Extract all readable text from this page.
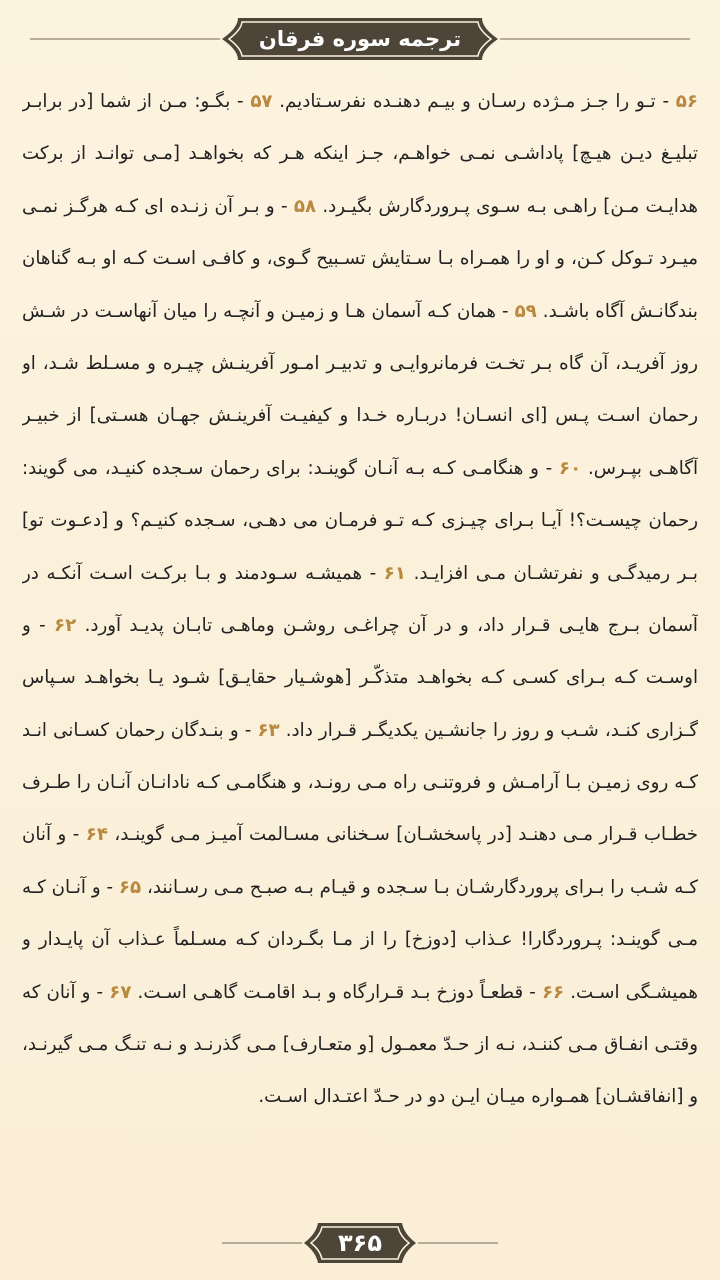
ترجمه سوره فرقان
۵۶ - تـو را جـز مـژده رسـان و بیـم دهنـده نفرسـتادیم. ۵۷ - بگـو: مـن از شما [در برابـر
تبلیـغ دیـن هیـچ] پاداشـی نمـی خواهـم، جـز اینکه هـر که بخواهـد [مـی توانـد از برکت
هدایـت مـن] راهـی بـه سـوی پـروردگارش بگیـرد. ۵۸ - و بـر آن زنـده ای کـه هرگـز نمـی
میـرد تـوکل کـن، و او را همـراه بـا سـتایش تسـبیح گـوی، و کافـی اسـت کـه او بـه گناهان
بندگانـش آگاه باشـد. ۵۹ - همان کـه آسمان هـا و زمیـن و آنچـه را میان آنهاسـت در شـش
روز آفریـد، آن گاه بـر تخـت فرمانروایـی و تدبیـر امـور آفرینـش چیـره و مسـلط شـد، او
رحمان اسـت پـس [ای انسـان! دربـاره خـدا و کیفیـت آفرینـش جهـان هسـتی] از خبیـر
آگاهـی بپـرس. ۶۰ - و هنگامـی کـه بـه آنـان گوینـد: برای رحمان سـجده کنیـد، می گویند:
رحمان چیسـت؟! آیـا بـرای چیـزی کـه تـو فرمـان می دهـی، سـجده کنیـم؟ و [دعـوت تو]
بـر رمیدگـی و نفرتشـان مـی افزایـد. ۶۱ - همیشـه سـودمند و بـا برکـت اسـت آنکـه در
آسمان بـرج هایـی قـرار داد، و در آن چراغـی روشـن وماهـی تابـان پدیـد آورد. ۶۲ - و
اوسـت کـه بـرای کسـی کـه بخواهـد متذکّـر [هوشـیار حقایـق] شـود یـا بخواهـد سـپاس
گـزاری کنـد، شـب و روز را جانشـین یکدیگـر قـرار داد. ۶۳ - و بنـدگان رحمان کسـانی انـد
کـه روی زمیـن بـا آرامـش و فروتنـی راه مـی رونـد، و هنگامـی کـه نادانـان آنـان را طـرف
خطـاب قـرار مـی دهنـد [در پاسخشـان] سـخنانی مسـالمت آمیـز مـی گوینـد، ۶۴ - و آنان
کـه شـب را بـرای پروردگارشـان بـا سـجده و قیـام بـه صبـح مـی رسـانند، ۶۵ - و آنـان کـه
مـی گوینـد: پـروردگارا! عـذاب [دوزخ] را از مـا بگـردان کـه مسـلماً عـذاب آن پایـدار و
همیشـگی اسـت. ۶۶ - قطعـاً دوزخ بـد قـرارگاه و بـد اقامـت گاهـی اسـت. ۶۷ - و آنان که
وقتـی انفـاق مـی کننـد، نـه از حـدّ معمـول [و متعـارف] مـی گذرنـد و نـه تنـگ مـی گیرنـد،
و [انفاقشـان] همـواره میـان ایـن دو در حـدّ اعتـدال اسـت.
۳۶۵
